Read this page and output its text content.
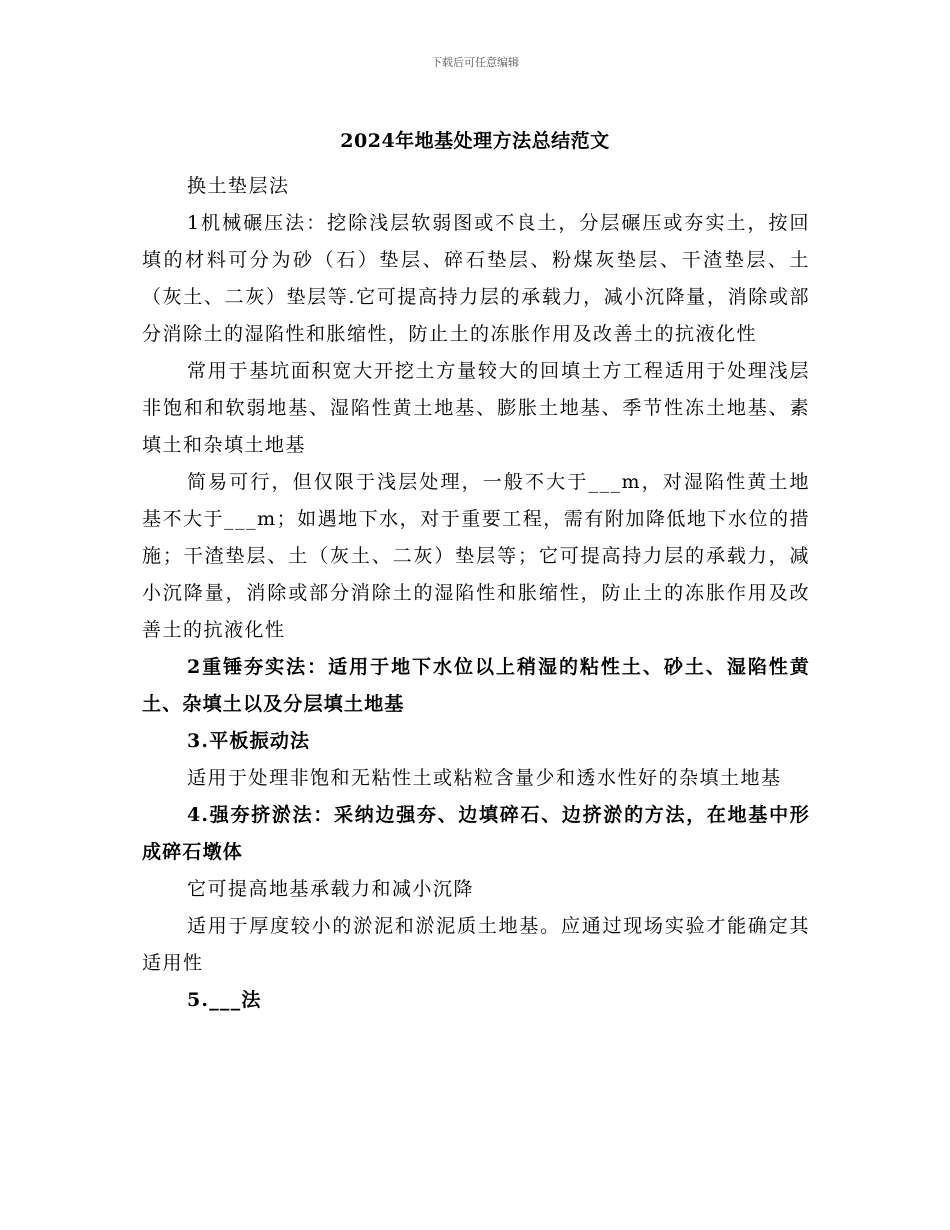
下载后可任意编辑
2024年地基处理方法总结范文

换土垫层法

1机械碾压法：挖除浅层软弱图或不良土，分层碾压或夯实土，按回填的材料可分为砂（石）垫层、碎石垫层、粉煤灰垫层、干渣垫层、土（灰土、二灰）垫层等.它可提高持力层的承载力，减小沉降量，消除或部分消除土的湿陷性和胀缩性，防止土的冻胀作用及改善土的抗液化性

常用于基坑面积宽大开挖土方量较大的回填土方工程适用于处理浅层非饱和和软弱地基、湿陷性黄土地基、膨胀土地基、季节性冻土地基、素填土和杂填土地基

简易可行，但仅限于浅层处理，一般不大于___m，对湿陷性黄土地基不大于___m；如遇地下水，对于重要工程，需有附加降低地下水位的措施；干渣垫层、土（灰土、二灰）垫层等；它可提高持力层的承载力，减小沉降量，消除或部分消除土的湿陷性和胀缩性，防止土的冻胀作用及改善土的抗液化性

2重锤夯实法：适用于地下水位以上稍湿的粘性土、砂土、湿陷性黄土、杂填土以及分层填土地基

3.平板振动法

适用于处理非饱和无粘性土或粘粒含量少和透水性好的杂填土地基

4.强夯挤淤法：采纳边强夯、边填碎石、边挤淤的方法，在地基中形成碎石墩体

它可提高地基承载力和减小沉降

适用于厚度较小的淤泥和淤泥质土地基。应通过现场实验才能确定其适用性

5.___法
